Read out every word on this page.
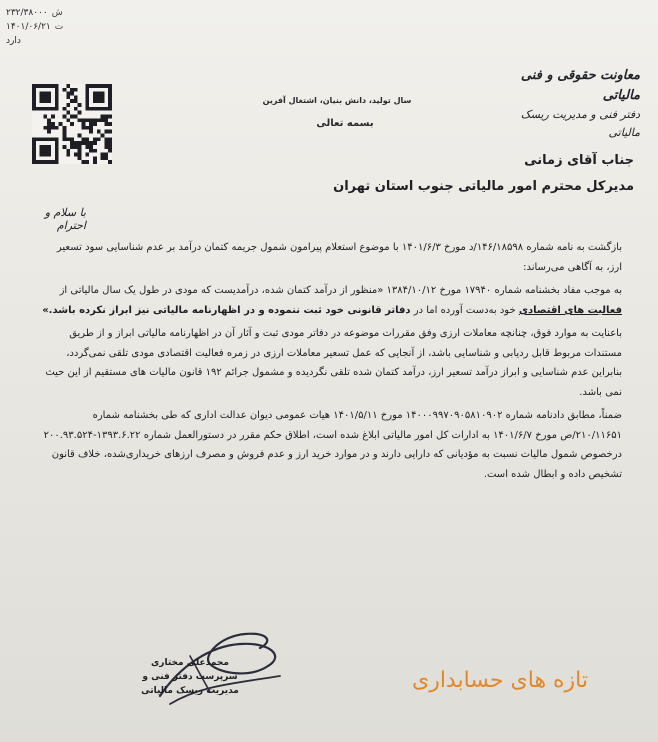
ش
۲۳۲/۳۸۰۰۰
ت
۱۴۰۱/۰۶/۲۱
دارد
سال تولید، دانش بنیان، اشتغال آفرین
بسمه تعالی
معاونت حقوقی و فنی مالیاتی
دفتر فنی و مدیریت ریسک مالیاتی
جناب آقای زمانی
مدیرکل محترم امور مالیاتی جنوب استان تهران
با سلام و احترام

بازگشت به نامه شماره ۱۴۶/۱۸۵۹۸/د مورخ ۱۴۰۱/۶/۳ با موضوع استعلام پیرامون شمول جریمه کتمان درآمد بر عدم شناسایی سود تسعیر ارز، به آگاهی می‌رساند:

به موجب مفاد بخشنامه شماره ۱۷۹۴۰ مورخ ۱۳۸۴/۱۰/۱۲ «منظور از درآمد کتمان شده، درآمدیست که مودی در طول یک سال مالیاتی از فعالیت های اقتصادی خود به‌دست آورده اما در دفاتر قانونی خود ثبت ننموده و در اظهارنامه مالیاتی نیز ابراز نکرده باشد.»

باعنایت به موارد فوق، چنانچه معاملات ارزی وفق مقررات موضوعه در دفاتر مودی ثبت و آثار آن در اظهارنامه مالیاتی ابراز و از طریق مستندات مربوط قابل ردیابی و شناسایی باشد، از آنجایی که عمل تسعیر معاملات ارزی در زمره فعالیت اقتصادی مودی تلقی نمی‌گردد، بنابراین عدم شناسایی و ابراز درآمد تسعیر ارز، درآمد کتمان شده تلقی نگردیده و مشمول جرائم ۱۹۲ قانون مالیات های مستقیم از این حیث نمی باشد.

ضمناً، مطابق دادنامه شماره ۱۴۰۰۰۹۹۷۰۹۰۵۸۱۰۹۰۲ مورخ ۱۴۰۱/۵/۱۱ هیات عمومی دیوان عدالت اداری که طی بخشنامه شماره ۲۱۰/۱۱۶۵۱/ص مورخ ۱۴۰۱/۶/۷ به ادارات کل امور مالیاتی ابلاغ شده است، اطلاق حکم مقرر در دستورالعمل شماره ۱۳۹۳.۶.۲۲-۲۰۰.۹۳.۵۲۴ درخصوص شمول مالیات نسبت به مؤدیانی که دارایی دارند و در موارد خرید ارز و عدم فروش و مصرف ارزهای خریداری‌شده، خلاف قانون تشخیص داده و ابطال شده است.

محمدعلی مختاری
سرپرست دفتر فنی و مدیریت ریسک مالیاتی	تازه های حسابداری
